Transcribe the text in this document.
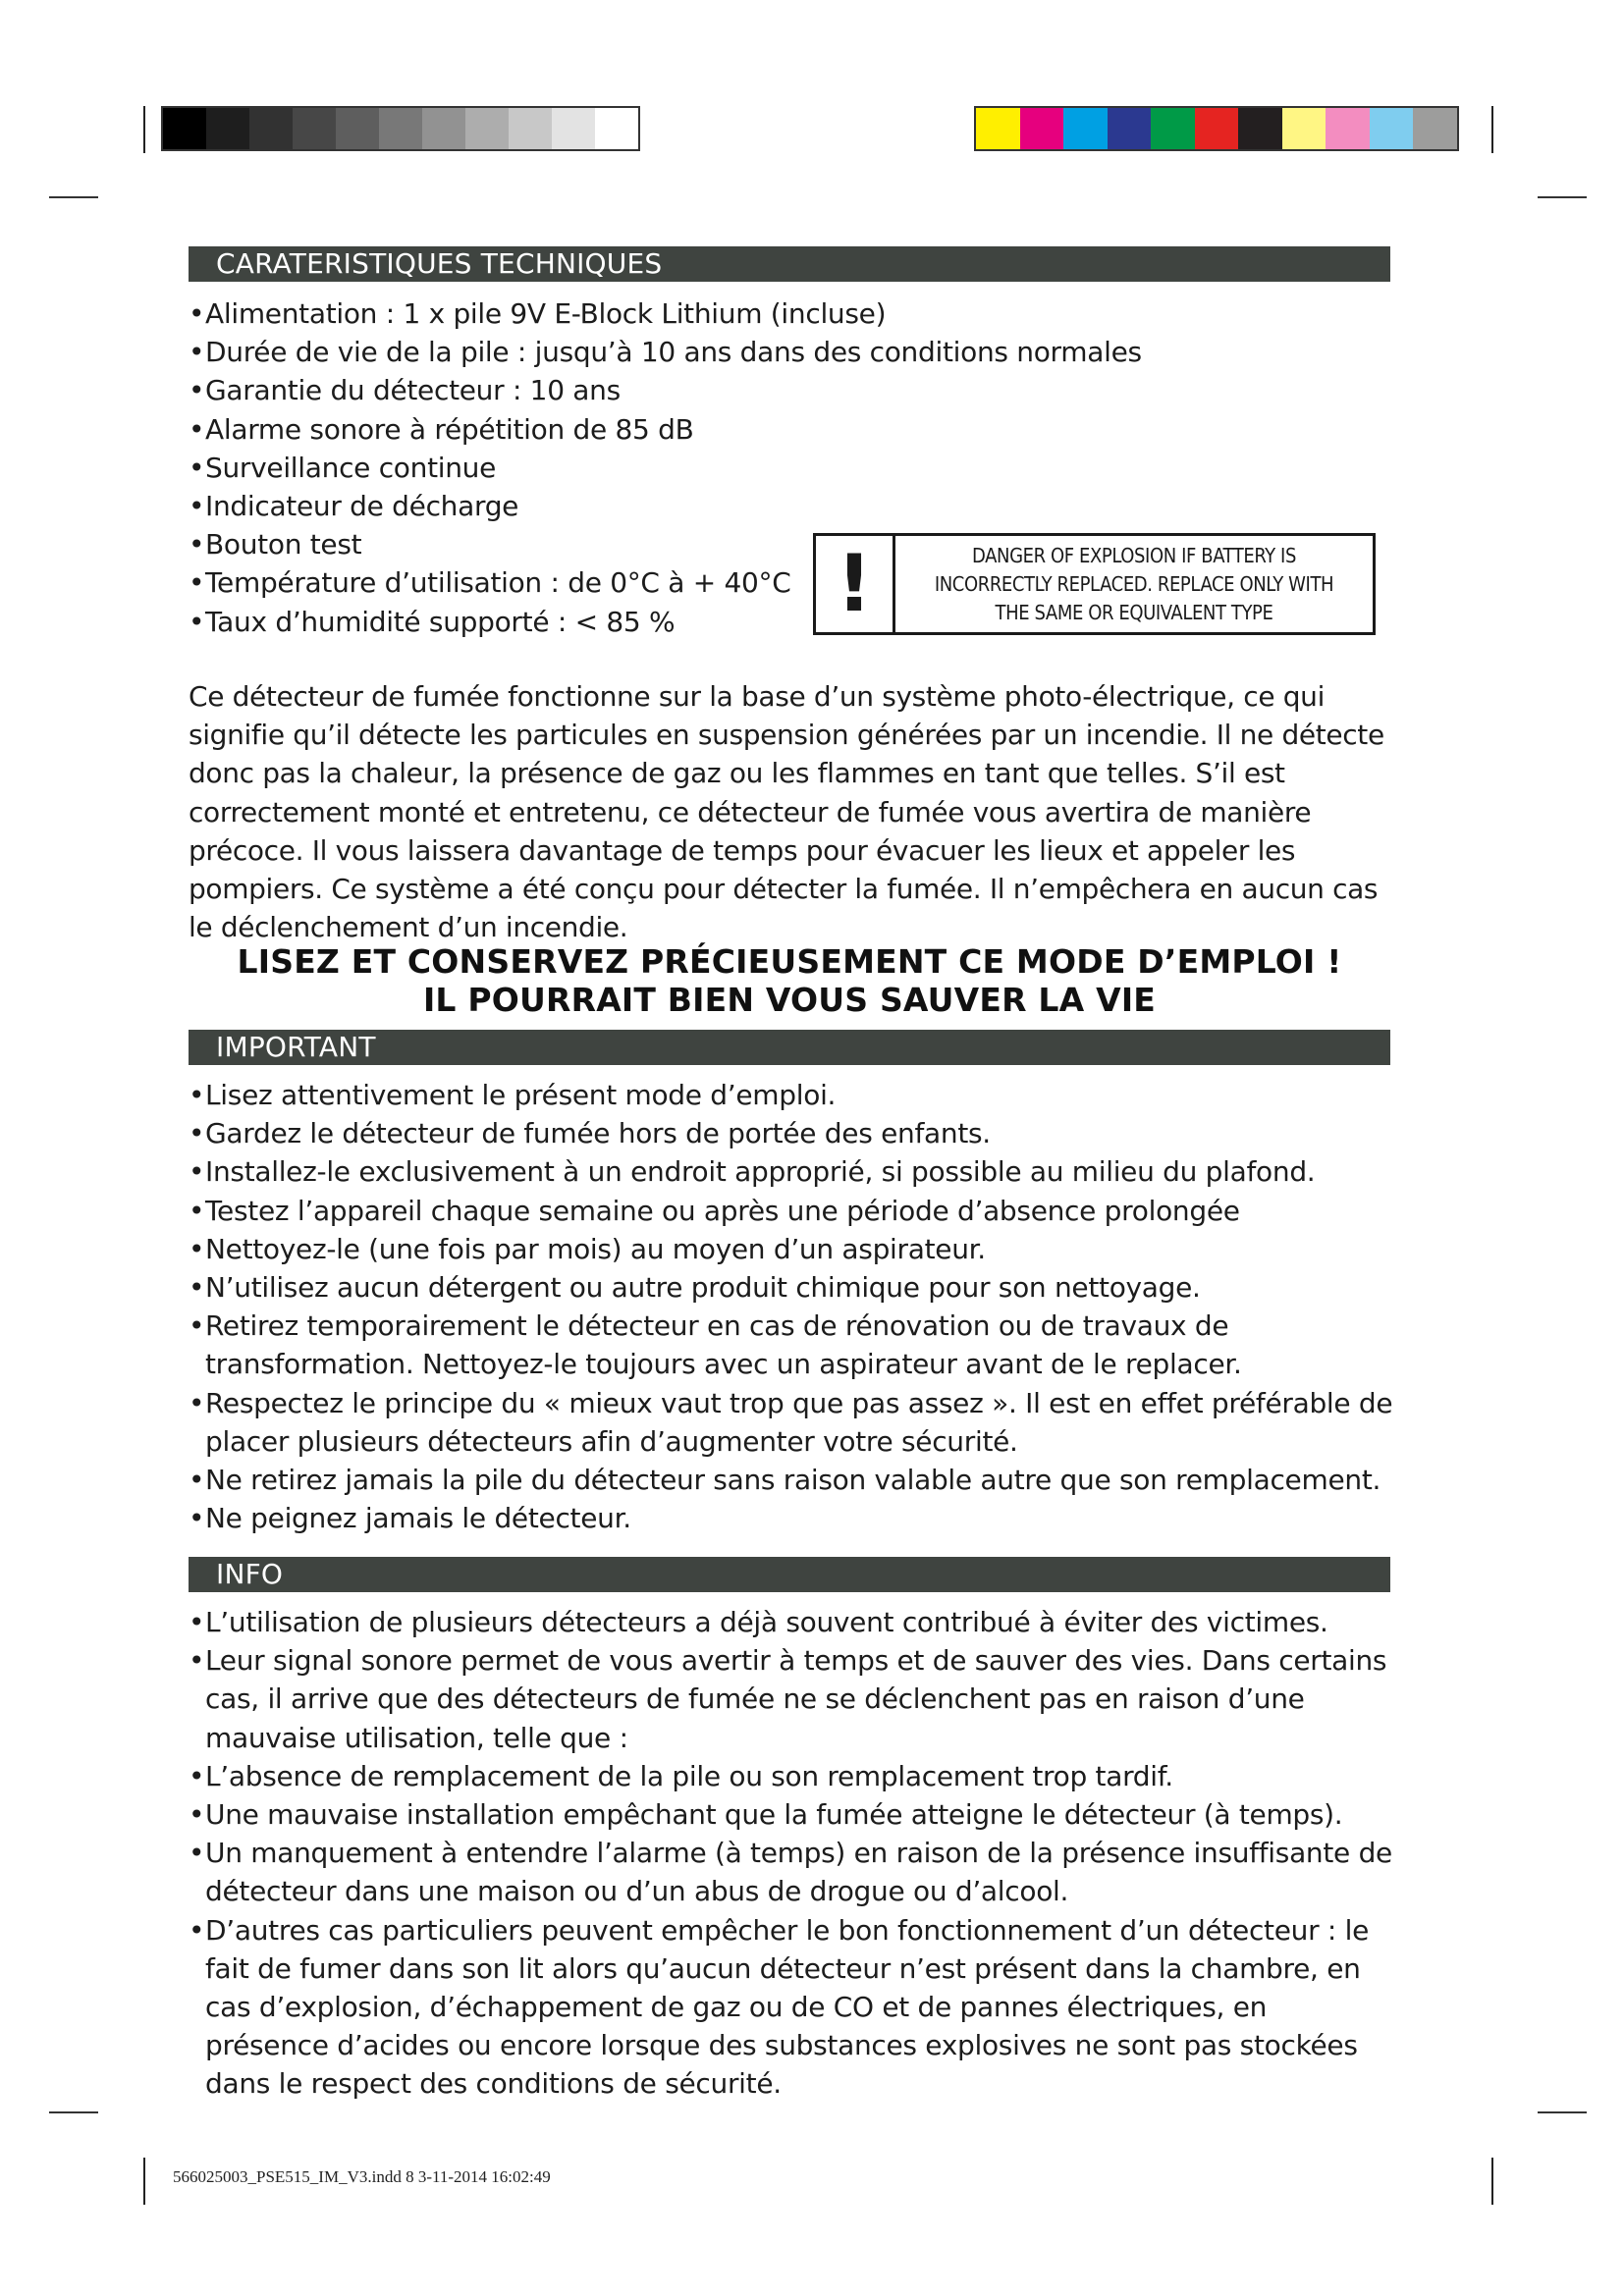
CARATERISTIQUES TECHNIQUES
• Alimentation : 1 x pile 9V E-Block Lithium (incluse)
• Durée de vie de la pile : jusqu’à 10 ans dans des conditions normales
• Garantie du détecteur : 10 ans
• Alarme sonore à répétition de 85 dB
• Surveillance continue
• Indicateur de décharge
• Bouton test
• Température d’utilisation : de 0°C à + 40°C
• Taux d’humidité supporté : < 85 %	!	DANGER OF EXPLOSION IF BATTERY IS
INCORRECTLY REPLACED. REPLACE ONLY WITH
THE SAME OR EQUIVALENT TYPE

Ce détecteur de fumée fonctionne sur la base d’un système photo-électrique, ce qui signifie qu’il détecte les particules en suspension générées par un incendie. Il ne détecte donc pas la chaleur, la présence de gaz ou les flammes en tant que telles. S’il est correctement monté et entretenu, ce détecteur de fumée vous avertira de manière précoce. Il vous laissera davantage de temps pour évacuer les lieux et appeler les pompiers. Ce système a été conçu pour détecter la fumée. Il n’empêchera en aucun cas le déclenchement d’un incendie.

LISEZ ET CONSERVEZ PRÉCIEUSEMENT CE MODE D’EMPLOI !
IL POURRAIT BIEN VOUS SAUVER LA VIE
IMPORTANT
• Lisez attentivement le présent mode d’emploi.
• Gardez le détecteur de fumée hors de portée des enfants.
• Installez-le exclusivement à un endroit approprié, si possible au milieu du plafond.
• Testez l’appareil chaque semaine ou après une période d’absence prolongée
• Nettoyez-le (une fois par mois) au moyen d’un aspirateur.
• N’utilisez aucun détergent ou autre produit chimique pour son nettoyage.
• Retirez temporairement le détecteur en cas de rénovation ou de travaux de transformation. Nettoyez-le toujours avec un aspirateur avant de le replacer.
• Respectez le principe du « mieux vaut trop que pas assez ». Il est en effet préférable de placer plusieurs détecteurs afin d’augmenter votre sécurité.
• Ne retirez jamais la pile du détecteur sans raison valable autre que son remplacement.
• Ne peignez jamais le détecteur.
INFO
• L’utilisation de plusieurs détecteurs a déjà souvent contribué à éviter des victimes.
• Leur signal sonore permet de vous avertir à temps et de sauver des vies. Dans certains cas, il arrive que des détecteurs de fumée ne se déclenchent pas en raison d’une mauvaise utilisation, telle que :
• L’absence de remplacement de la pile ou son remplacement trop tardif.
• Une mauvaise installation empêchant que la fumée atteigne le détecteur (à temps).
• Un manquement à entendre l’alarme (à temps) en raison de la présence insuffisante de détecteur dans une maison ou d’un abus de drogue ou d’alcool.
• D’autres cas particuliers peuvent empêcher le bon fonctionnement d’un détecteur : le fait de fumer dans son lit alors qu’aucun détecteur n’est présent dans la chambre, en cas d’explosion, d’échappement de gaz ou de CO et de pannes électriques, en présence d’acides ou encore lorsque des substances explosives ne sont pas stockées dans le respect des conditions de sécurité.
566025003_PSE515_IM_V3.indd 8 3-11-2014 16:02:49
